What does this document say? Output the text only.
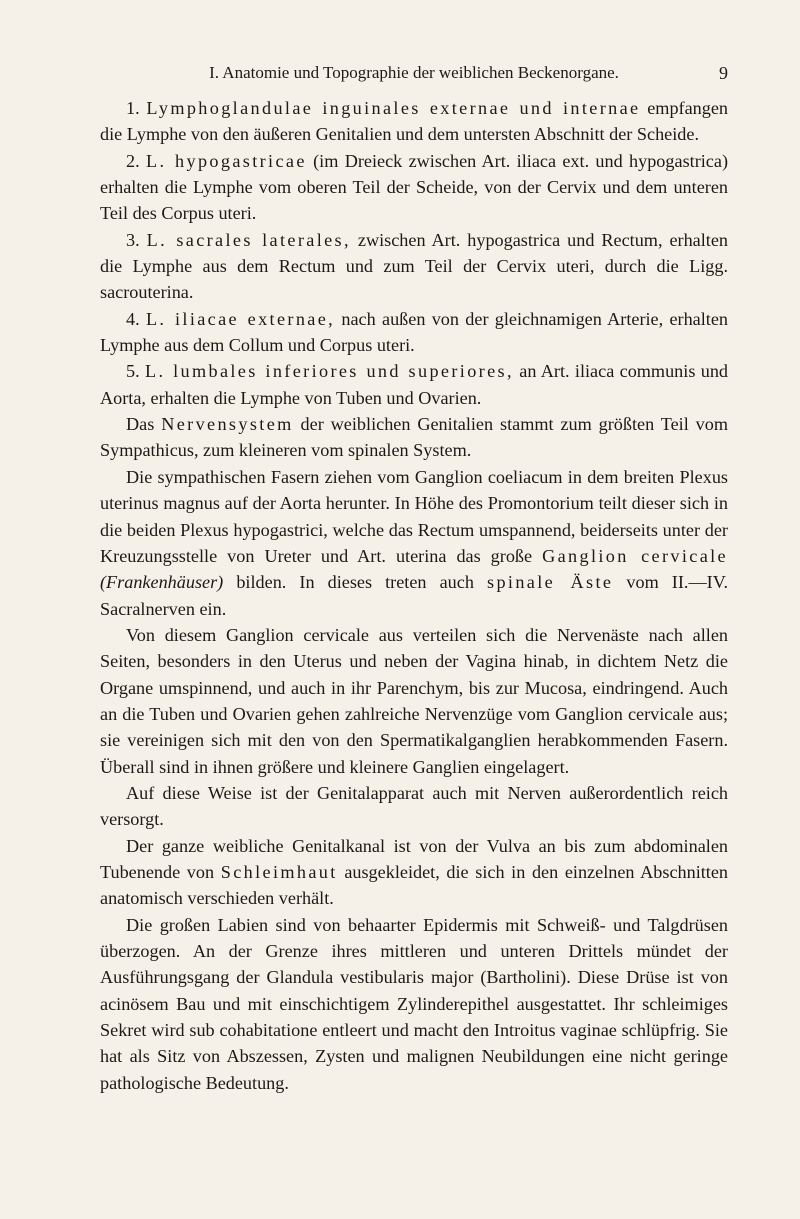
I. Anatomie und Topographie der weiblichen Beckenorgane.	9

1. Lymphoglandulae inguinales externae und internae empfangen die Lymphe von den äußeren Genitalien und dem untersten Abschnitt der Scheide.

2. L. hypogastricae (im Dreieck zwischen Art. iliaca ext. und hypogastrica) erhalten die Lymphe vom oberen Teil der Scheide, von der Cervix und dem unteren Teil des Corpus uteri.

3. L. sacrales laterales, zwischen Art. hypogastrica und Rectum, erhalten die Lymphe aus dem Rectum und zum Teil der Cervix uteri, durch die Ligg. sacrouterina.

4. L. iliacae externae, nach außen von der gleichnamigen Arterie, erhalten Lymphe aus dem Collum und Corpus uteri.

5. L. lumbales inferiores und superiores, an Art. iliaca communis und Aorta, erhalten die Lymphe von Tuben und Ovarien.

Das Nervensystem der weiblichen Genitalien stammt zum größten Teil vom Sympathicus, zum kleineren vom spinalen System.

Die sympathischen Fasern ziehen vom Ganglion coeliacum in dem breiten Plexus uterinus magnus auf der Aorta herunter. In Höhe des Promontorium teilt dieser sich in die beiden Plexus hypogastrici, welche das Rectum umspannend, beiderseits unter der Kreuzungsstelle von Ureter und Art. uterina das große Ganglion cervicale (Frankenhäuser) bilden. In dieses treten auch spinale Äste vom II.—IV. Sacralnerven ein.

Von diesem Ganglion cervicale aus verteilen sich die Nervenäste nach allen Seiten, besonders in den Uterus und neben der Vagina hinab, in dichtem Netz die Organe umspinnend, und auch in ihr Parenchym, bis zur Mucosa, eindringend. Auch an die Tuben und Ovarien gehen zahlreiche Nervenzüge vom Ganglion cervicale aus; sie vereinigen sich mit den von den Spermatikalganglien herabkommenden Fasern. Überall sind in ihnen größere und kleinere Ganglien eingelagert.

Auf diese Weise ist der Genitalapparat auch mit Nerven außerordentlich reich versorgt.

Der ganze weibliche Genitalkanal ist von der Vulva an bis zum abdominalen Tubenende von Schleimhaut ausgekleidet, die sich in den einzelnen Abschnitten anatomisch verschieden verhält.

Die großen Labien sind von behaarter Epidermis mit Schweiß- und Talgdrüsen überzogen. An der Grenze ihres mittleren und unteren Drittels mündet der Ausführungsgang der Glandula vestibularis major (Bartholini). Diese Drüse ist von acinösem Bau und mit einschichtigem Zylinderepithel ausgestattet. Ihr schleimiges Sekret wird sub cohabitatione entleert und macht den Introitus vaginae schlüpfrig. Sie hat als Sitz von Abszessen, Zysten und malignen Neubildungen eine nicht geringe pathologische Bedeutung.
